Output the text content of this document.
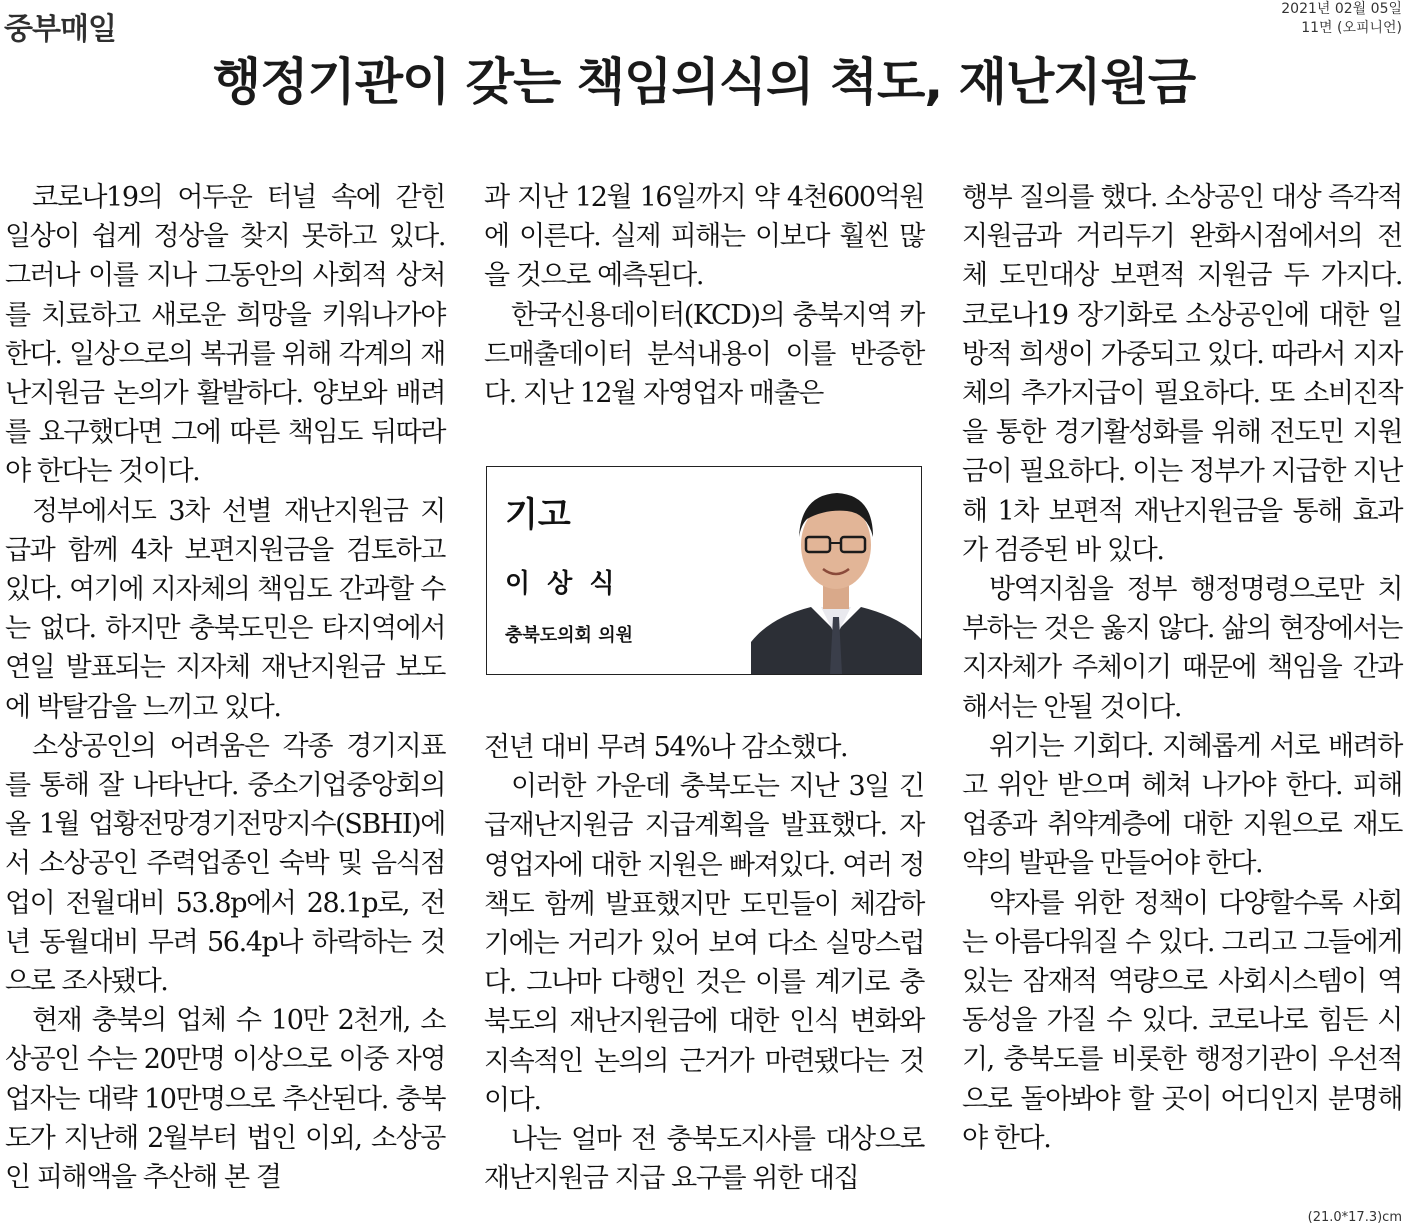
중부매일
2021년 02월 05일
11면 (오피니언)
행정기관이 갖는 책임의식의 척도, 재난지원금

코로나19의 어두운 터널 속에 갇힌 일상이 쉽게 정상을 찾지 못하고 있다. 그러나 이를 지나 그동안의 사회적 상처를 치료하고 새로운 희망을 키워나가야 한다. 일상으로의 복귀를 위해 각계의 재난지원금 논의가 활발하다. 양보와 배려를 요구했다면 그에 따른 책임도 뒤따라야 한다는 것이다.

정부에서도 3차 선별 재난지원금 지급과 함께 4차 보편지원금을 검토하고 있다. 여기에 지자체의 책임도 간과할 수는 없다. 하지만 충북도민은 타지역에서 연일 발표되는 지자체 재난지원금 보도에 박탈감을 느끼고 있다.

소상공인의 어려움은 각종 경기지표를 통해 잘 나타난다. 중소기업중앙회의 올 1월 업황전망경기전망지수(SBHI)에서 소상공인 주력업종인 숙박 및 음식점업이 전월대비 53.8p에서 28.1p로, 전년 동월대비 무려 56.4p나 하락하는 것으로 조사됐다.

현재 충북의 업체 수 10만 2천개, 소상공인 수는 20만명 이상으로 이중 자영업자는 대략 10만명으로 추산된다. 충북도가 지난해 2월부터 법인 이외, 소상공인 피해액을 추산해 본 결

과 지난 12월 16일까지 약 4천600억원에 이른다. 실제 피해는 이보다 훨씬 많을 것으로 예측된다.

한국신용데이터(KCD)의 충북지역 카드매출데이터 분석내용이 이를 반증한다. 지난 12월 자영업자 매출은

기고
이 상 식
충북도의회 의원

전년 대비 무려 54%나 감소했다.

이러한 가운데 충북도는 지난 3일 긴급재난지원금 지급계획을 발표했다. 자영업자에 대한 지원은 빠져있다. 여러 정책도 함께 발표했지만 도민들이 체감하기에는 거리가 있어 보여 다소 실망스럽다. 그나마 다행인 것은 이를 계기로 충북도의 재난지원금에 대한 인식 변화와 지속적인 논의의 근거가 마련됐다는 것이다.

나는 얼마 전 충북도지사를 대상으로 재난지원금 지급 요구를 위한 대집

행부 질의를 했다. 소상공인 대상 즉각적 지원금과 거리두기 완화시점에서의 전체 도민대상 보편적 지원금 두 가지다. 코로나19 장기화로 소상공인에 대한 일방적 희생이 가중되고 있다. 따라서 지자체의 추가지급이 필요하다. 또 소비진작을 통한 경기활성화를 위해 전도민 지원금이 필요하다. 이는 정부가 지급한 지난해 1차 보편적 재난지원금을 통해 효과가 검증된 바 있다.

방역지침을 정부 행정명령으로만 치부하는 것은 옳지 않다. 삶의 현장에서는 지자체가 주체이기 때문에 책임을 간과해서는 안될 것이다.

위기는 기회다. 지혜롭게 서로 배려하고 위안 받으며 헤쳐 나가야 한다. 피해업종과 취약계층에 대한 지원으로 재도약의 발판을 만들어야 한다.

약자를 위한 정책이 다양할수록 사회는 아름다워질 수 있다. 그리고 그들에게 있는 잠재적 역량으로 사회시스템이 역동성을 가질 수 있다. 코로나로 힘든 시기, 충북도를 비롯한 행정기관이 우선적으로 돌아봐야 할 곳이 어디인지 분명해야 한다.

(21.0*17.3)cm
